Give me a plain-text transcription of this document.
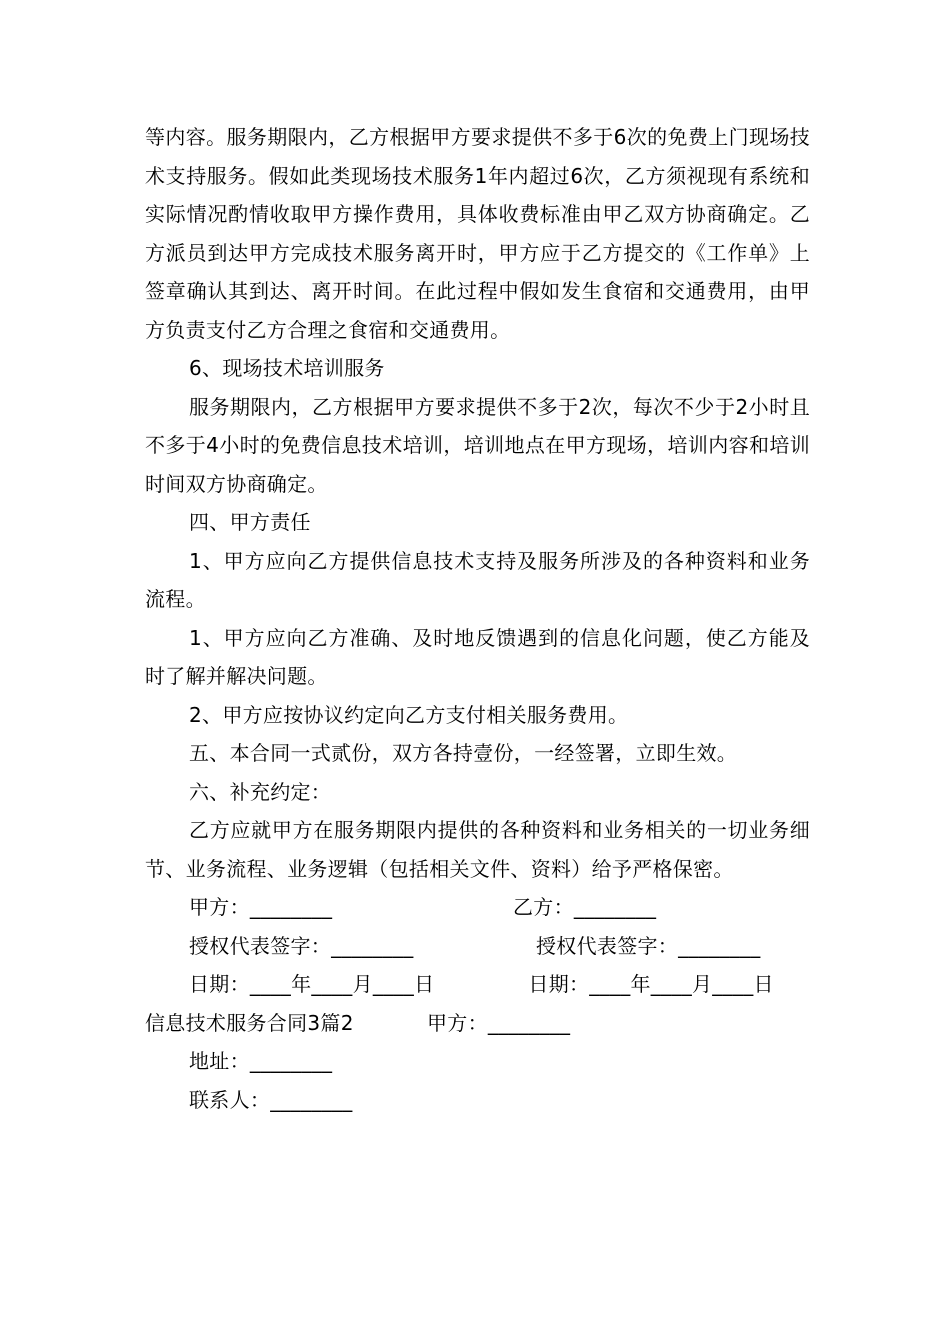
等内容。服务期限内，乙方根据甲方要求提供不多于6次的免费上门现场技术支持服务。假如此类现场技术服务1年内超过6次，乙方须视现有系统和实际情况酌情收取甲方操作费用，具体收费标准由甲乙双方协商确定。乙方派员到达甲方完成技术服务离开时，甲方应于乙方提交的《工作单》上签章确认其到达、离开时间。在此过程中假如发生食宿和交通费用，由甲方负责支付乙方合理之食宿和交通费用。

6、现场技术培训服务

服务期限内，乙方根据甲方要求提供不多于2次，每次不少于2小时且不多于4小时的免费信息技术培训，培训地点在甲方现场，培训内容和培训时间双方协商确定。

四、甲方责任

1、甲方应向乙方提供信息技术支持及服务所涉及的各种资料和业务流程。

1、甲方应向乙方准确、及时地反馈遇到的信息化问题，使乙方能及时了解并解决问题。

2、甲方应按协议约定向乙方支付相关服务费用。

五、本合同一式贰份，双方各持壹份，一经签署，立即生效。

六、补充约定：

乙方应就甲方在服务期限内提供的各种资料和业务相关的一切业务细节、业务流程、业务逻辑（包括相关文件、资料）给予严格保密。

甲方：________	乙方：________
授权代表签字：________	授权代表签字：________

日期：____年____月____日	日期：____年____月____日

信息技术服务合同3篇2	甲方：________

地址：________

联系人：________
